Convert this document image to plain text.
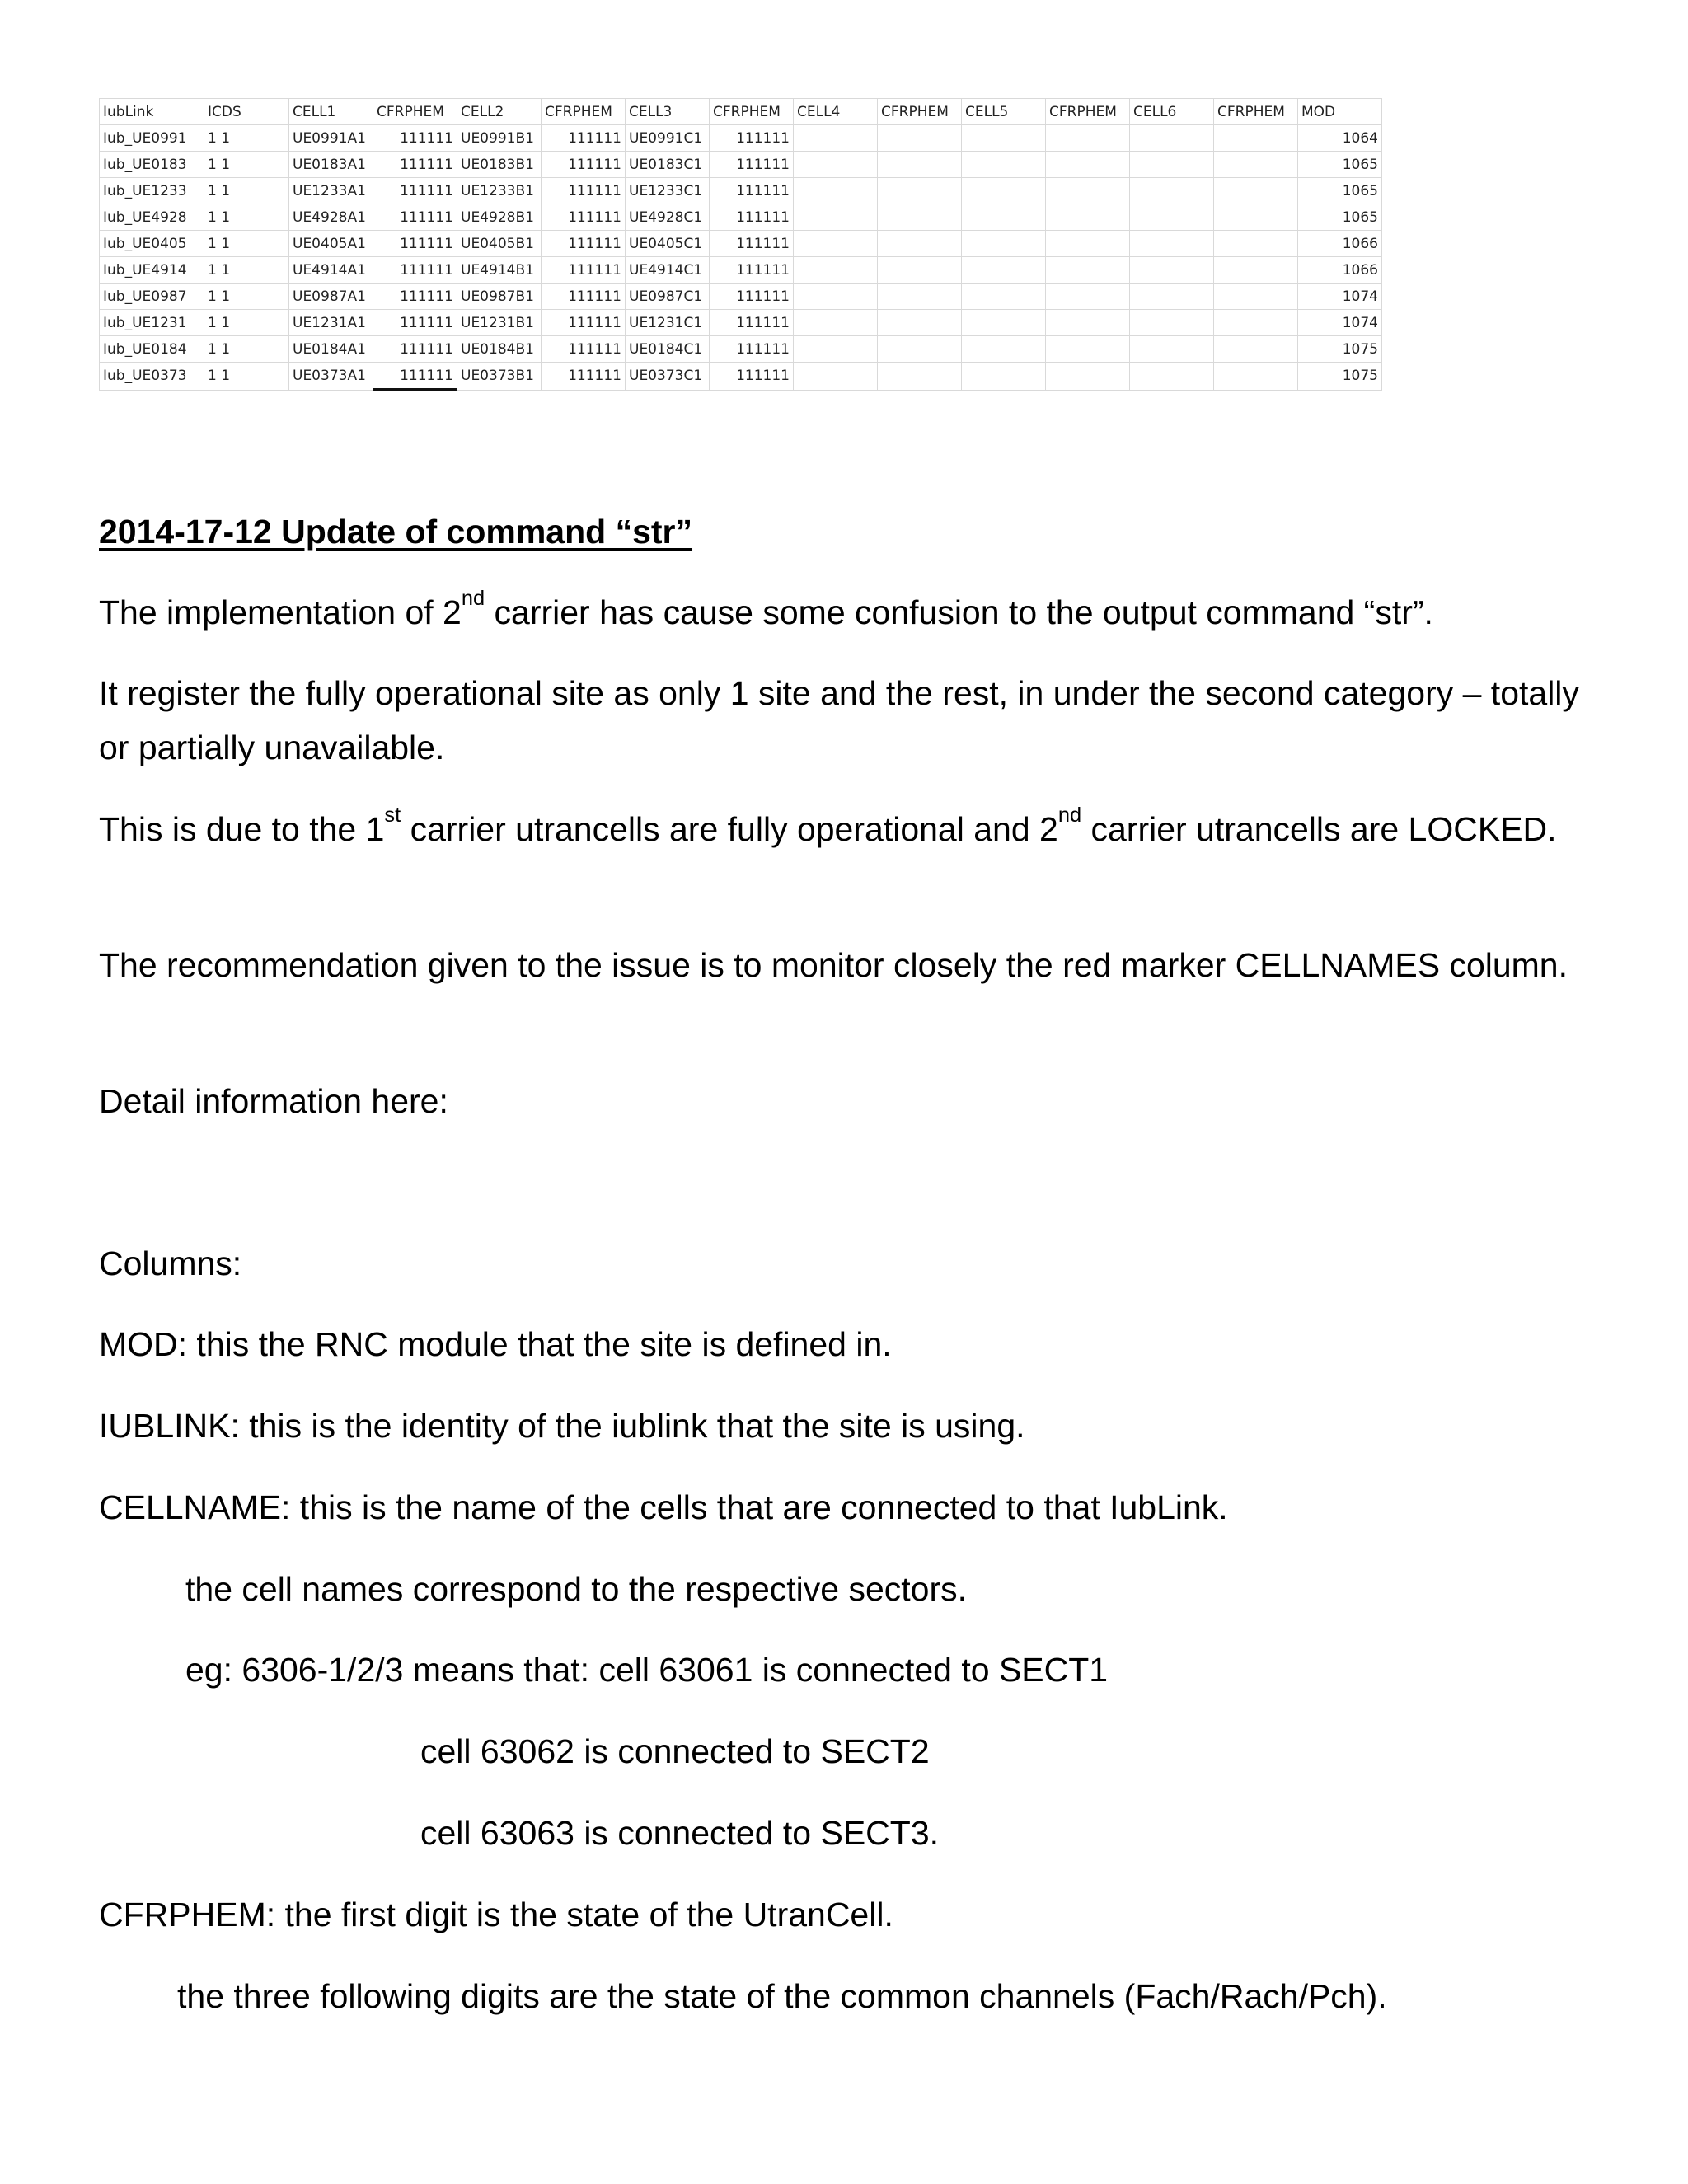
IubLink	ICDS	CELL1	CFRPHEM	CELL2	CFRPHEM	CELL3	CFRPHEM	CELL4	CFRPHEM	CELL5	CFRPHEM	CELL6	CFRPHEM	MOD
Iub_UE0991	1 1	UE0991A1	111111	UE0991B1	111111	UE0991C1	111111							1064
Iub_UE0183	1 1	UE0183A1	111111	UE0183B1	111111	UE0183C1	111111							1065
Iub_UE1233	1 1	UE1233A1	111111	UE1233B1	111111	UE1233C1	111111							1065
Iub_UE4928	1 1	UE4928A1	111111	UE4928B1	111111	UE4928C1	111111							1065
Iub_UE0405	1 1	UE0405A1	111111	UE0405B1	111111	UE0405C1	111111							1066
Iub_UE4914	1 1	UE4914A1	111111	UE4914B1	111111	UE4914C1	111111							1066
Iub_UE0987	1 1	UE0987A1	111111	UE0987B1	111111	UE0987C1	111111							1074
Iub_UE1231	1 1	UE1231A1	111111	UE1231B1	111111	UE1231C1	111111							1074
Iub_UE0184	1 1	UE0184A1	111111	UE0184B1	111111	UE0184C1	111111							1075
Iub_UE0373	1 1	UE0373A1	111111	UE0373B1	111111	UE0373C1	111111							1075
2014-17-12 Update of command “str”

The implementation of 2nd carrier has cause some confusion to the output command “str”.

It register the fully operational site as only 1 site and the rest, in under the second category – totally or partially unavailable.

This is due to the 1st carrier utrancells are fully operational and 2nd carrier utrancells are LOCKED.

The recommendation given to the issue is to monitor closely the red marker CELLNAMES column.

Detail information here:

Columns:

MOD: this the RNC module that the site is defined in.

IUBLINK: this is the identity of the iublink that the site is using.

CELLNAME: this is the name of the cells that are connected to that IubLink.

the cell names correspond to the respective sectors.

eg: 6306-1/2/3 means that: cell 63061 is connected to SECT1

cell 63062 is connected to SECT2

cell 63063 is connected to SECT3.

CFRPHEM: the first digit is the state of the UtranCell.

the three following digits are the state of the common channels (Fach/Rach/Pch).
